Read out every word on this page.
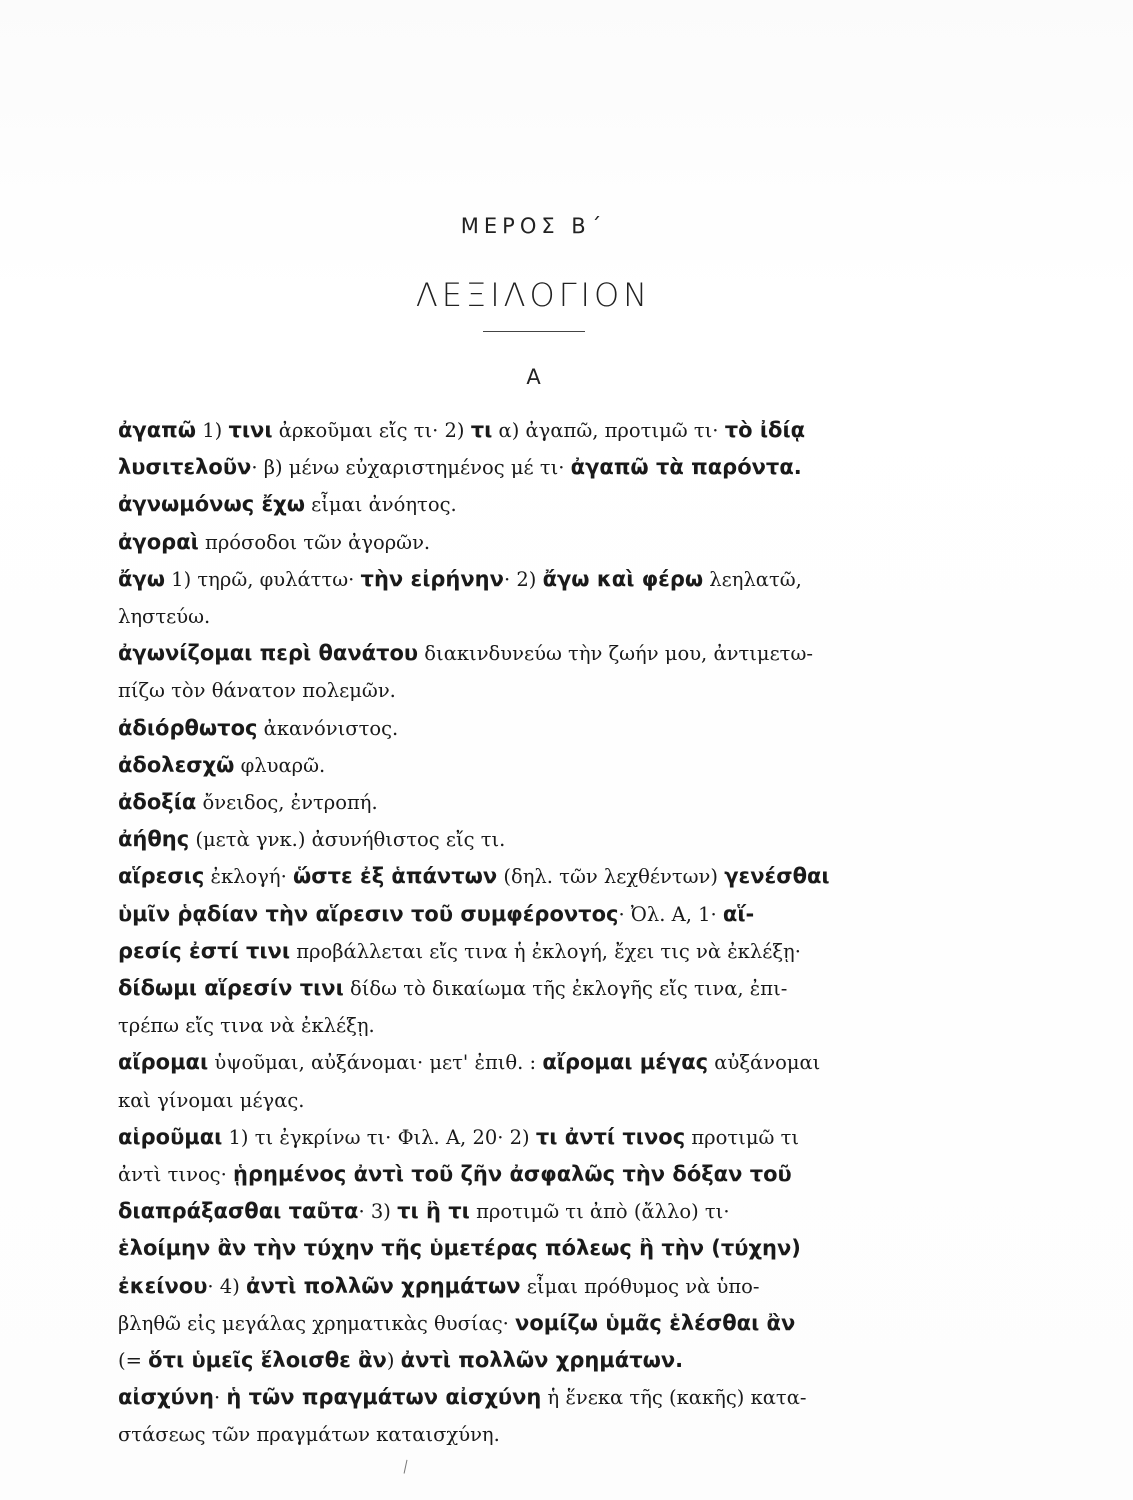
ΜΕΡΟΣ Β΄
ΛΕΞΙΛΟΓΙΟΝ
Α
ἀγαπῶ 1) τινι ἀρκοῦμαι εἴς τι· 2) τι α) ἀγαπῶ, προτιμῶ τι· τὸ ἰδίᾳ
λυσιτελοῦν· β) μένω εὐχαριστημένος μέ τι· ἀγαπῶ τὰ παρόντα.
ἀγνωμόνως ἔχω εἶμαι ἀνόητος.
ἀγοραὶ πρόσοδοι τῶν ἀγορῶν.
ἄγω 1) τηρῶ, φυλάττω· τὴν εἰρήνην· 2) ἄγω καὶ φέρω λεηλατῶ,
ληστεύω.
ἀγωνίζομαι περὶ θανάτου διακινδυνεύω τὴν ζωήν μου, ἀντιμετω-
πίζω τὸν θάνατον πολεμῶν.
ἀδιόρθωτος ἀκανόνιστος.
ἀδολεσχῶ φλυαρῶ.
ἀδοξία ὄνειδος, ἐντροπή.
ἀήθης (μετὰ γνκ.) ἀσυνήθιστος εἴς τι.
αἵρεσις ἐκλογή· ὥστε ἐξ ἁπάντων (δηλ. τῶν λεχθέντων) γενέσθαι
ὑμῖν ῥᾳδίαν τὴν αἵρεσιν τοῦ συμφέροντος· Ὀλ. Α, 1· αἵ-
ρεσίς ἐστί τινι προβάλλεται εἴς τινα ἡ ἐκλογή, ἔχει τις νὰ ἐκλέξῃ·
δίδωμι αἵρεσίν τινι δίδω τὸ δικαίωμα τῆς ἐκλογῆς εἴς τινα, ἐπι-
τρέπω εἴς τινα νὰ ἐκλέξῃ.
αἴρομαι ὑψοῦμαι, αὐξάνομαι· μετ' ἐπιθ. : αἴρομαι μέγας αὐξάνομαι
καὶ γίνομαι μέγας.
αἱροῦμαι 1) τι ἐγκρίνω τι· Φιλ. Α, 20· 2) τι ἀντί τινος προτιμῶ τι
ἀντὶ τινος· ᾑρημένος ἀντὶ τοῦ ζῆν ἀσφαλῶς τὴν δόξαν τοῦ
διαπράξασθαι ταῦτα· 3) τι ἢ τι προτιμῶ τι ἀπὸ (ἄλλο) τι·
ἑλοίμην ἂν τὴν τύχην τῆς ὑμετέρας πόλεως ἢ τὴν (τύχην)
ἐκείνου· 4) ἀντὶ πολλῶν χρημάτων εἶμαι πρόθυμος νὰ ὑπο-
βληθῶ εἰς μεγάλας χρηματικὰς θυσίας· νομίζω ὑμᾶς ἑλέσθαι ἂν
(= ὅτι ὑμεῖς ἕλοισθε ἂν) ἀντὶ πολλῶν χρημάτων.
αἰσχύνη· ἡ τῶν πραγμάτων αἰσχύνη ἡ ἕνεκα τῆς (κακῆς) κατα-
στάσεως τῶν πραγμάτων καταισχύνη.
